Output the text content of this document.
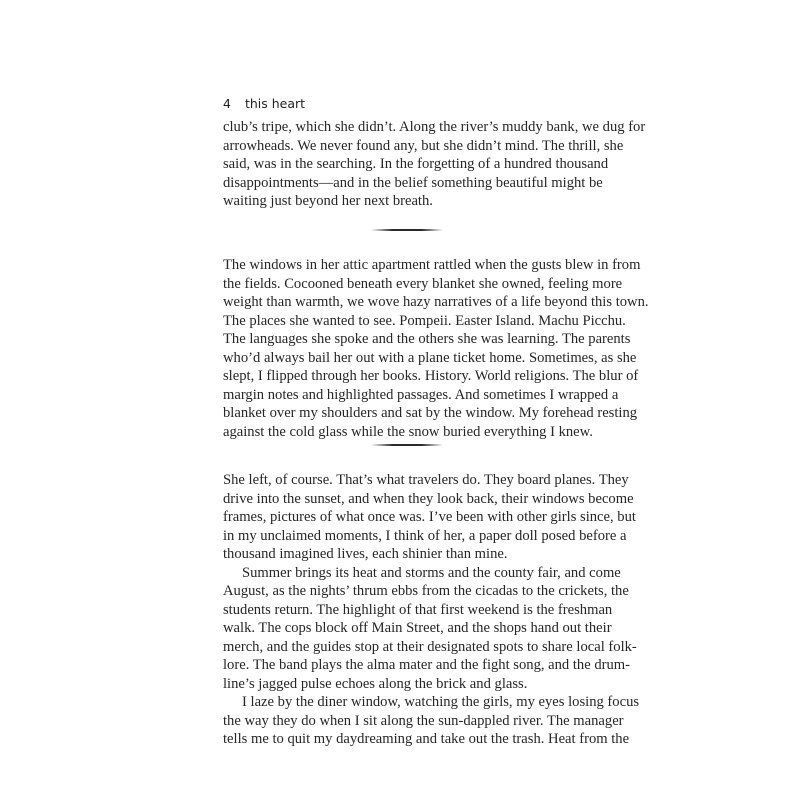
4 this heart
club’s tripe, which she didn’t. Along the river’s muddy bank, we dug for
arrowheads. We never found any, but she didn’t mind. The thrill, she
said, was in the searching. In the forgetting of a hundred thousand
disappointments—and in the belief something beautiful might be
waiting just beyond her next breath.
The windows in her attic apartment rattled when the gusts blew in from
the fields. Cocooned beneath every blanket she owned, feeling more
weight than warmth, we wove hazy narratives of a life beyond this town.
The places she wanted to see. Pompeii. Easter Island. Machu Picchu.
The languages she spoke and the others she was learning. The parents
who’d always bail her out with a plane ticket home. Sometimes, as she
slept, I flipped through her books. History. World religions. The blur of
margin notes and highlighted passages. And sometimes I wrapped a
blanket over my shoulders and sat by the window. My forehead resting
against the cold glass while the snow buried everything I knew.
She left, of course. That’s what travelers do. They board planes. They
drive into the sunset, and when they look back, their windows become
frames, pictures of what once was. I’ve been with other girls since, but
in my unclaimed moments, I think of her, a paper doll posed before a
thousand imagined lives, each shinier than mine.
Summer brings its heat and storms and the county fair, and come
August, as the nights’ thrum ebbs from the cicadas to the crickets, the
students return. The highlight of that first weekend is the freshman
walk. The cops block off Main Street, and the shops hand out their
merch, and the guides stop at their designated spots to share local folk-
lore. The band plays the alma mater and the fight song, and the drum-
line’s jagged pulse echoes along the brick and glass.
I laze by the diner window, watching the girls, my eyes losing focus
the way they do when I sit along the sun-dappled river. The manager
tells me to quit my daydreaming and take out the trash. Heat from the
